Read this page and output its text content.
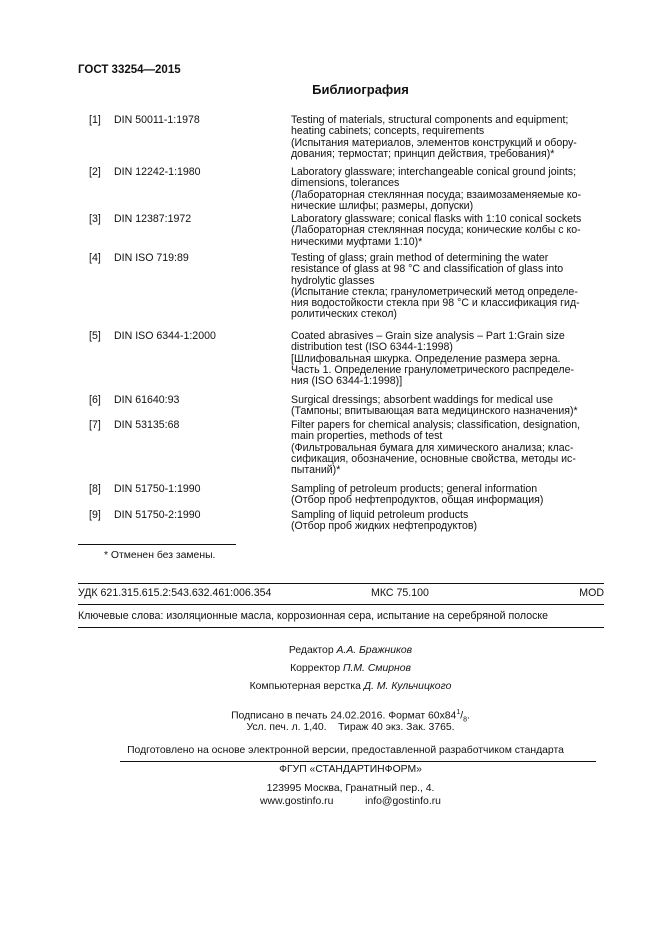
ГОСТ 33254—2015
Библиография
[1] DIN 50011-1:1978	Testing of materials, structural components and equipment;
heating cabinets; concepts, requirements
(Испытания материалов, элементов конструкций и обору-
дования; термостат; принцип действия, требования)*
[2] DIN 12242-1:1980	Laboratory glassware; interchangeable conical ground joints;
dimensions, tolerances
(Лабораторная стеклянная посуда; взаимозаменяемые ко-
нические шлифы; размеры, допуски)
[3] DIN 12387:1972	Laboratory glassware; conical flasks with 1:10 conical sockets
(Лабораторная стеклянная посуда; конические колбы с ко-
ническими муфтами 1:10)*
[4] DIN ISO 719:89	Testing of glass; grain method of determining the water
resistance of glass at 98 °C and classification of glass into
hydrolytic glasses
(Испытание стекла; гранулометрический метод определе-
ния водостойкости стекла при 98 °C и классификация гид-
ролитических стекол)
[5] DIN ISO 6344-1:2000	Coated abrasives – Grain size analysis – Part 1:Grain size
distribution test (ISO 6344-1:1998)
[Шлифовальная шкурка. Определение размера зерна.
Часть 1. Определение гранулометрического распределе-
ния (ISO 6344-1:1998)]
[6] DIN 61640:93	Surgical dressings; absorbent waddings for medical use
(Тампоны; впитывающая вата медицинского назначения)*
[7] DIN 53135:68	Filter papers for chemical analysis; classification, designation,
main properties, methods of test
(Фильтровальная бумага для химического анализа; клас-
сификация, обозначение, основные свойства, методы ис-
пытаний)*
[8] DIN 51750-1:1990	Sampling of petroleum products; general information
(Отбор проб нефтепродуктов, общая информация)
[9] DIN 51750-2:1990	Sampling of liquid petroleum products
(Отбор проб жидких нефтепродуктов)
* Отменен без замены.
УДК 621.315.615.2:543.632.461:006.354	МКС 75.100	MOD
Ключевые слова: изоляционные масла, коррозионная сера, испытание на серебряной полоске
Редактор А.А. Бражников
Корректор П.М. Смирнов
Компьютерная верстка Д. М. Кульчицкого
Подписано в печать 24.02.2016. Формат $60х84^1/_8$.
Усл. печ. л. 1,40. Тираж 40 экз. Зак. 3765.
Подготовлено на основе электронной версии, предоставленной разработчиком стандарта
ФГУП «СТАНДАРТИНФОРМ»
123995 Москва, Гранатный пер., 4.
www.gostinfo.ru	info@gostinfo.ru
